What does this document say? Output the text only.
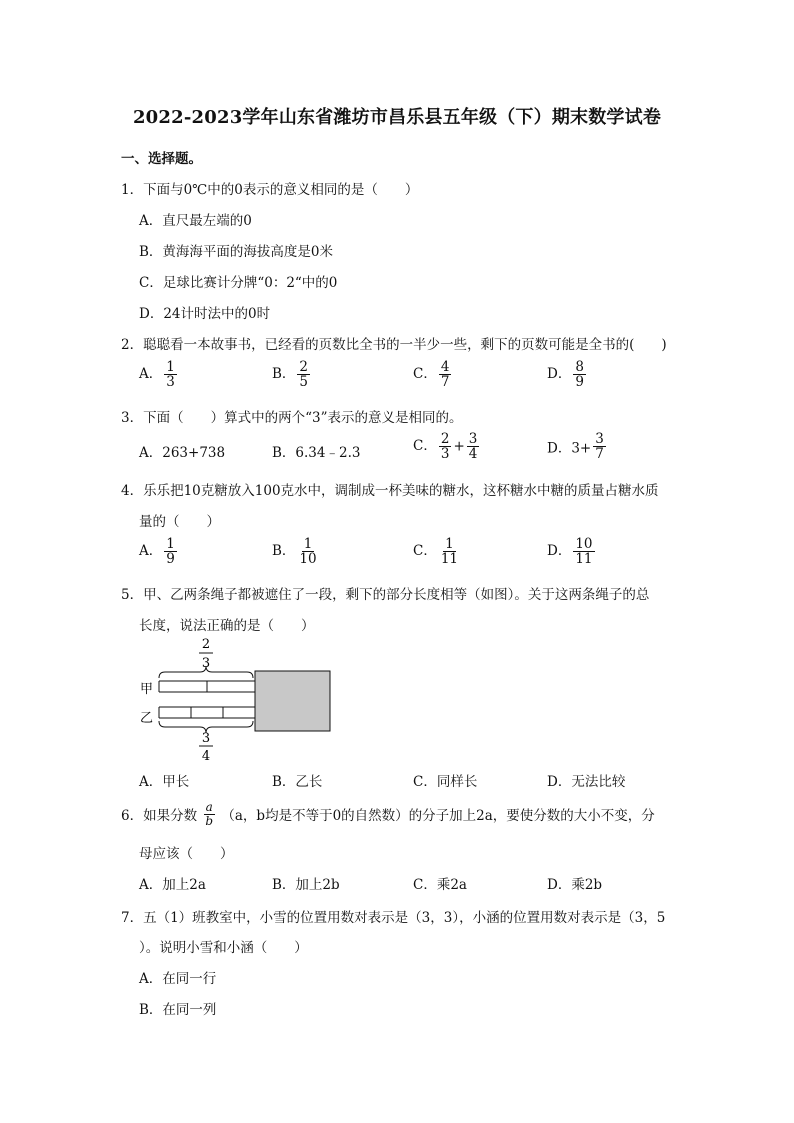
2022-2023学年山东省潍坊市昌乐县五年级（下）期末数学试卷
一、选择题。
1．下面与0℃中的0表示的意义相同的是（　　）
A．直尺最左端的0
B．黄海海平面的海拔高度是0米
C．足球比赛计分牌“0：2“中的0
D．24计时法中的0时
2．聪聪看一本故事书，已经看的页数比全书的一半少一些，剩下的页数可能是全书的(　　)
A． $\frac{1}{3}$	B． $\frac{2}{5}$	C． $\frac{4}{7}$	D． $\frac{8}{9}$
3．下面（　　）算式中的两个“3”表示的意义是相同的。
A．263+738	B．6.34﹣2.3	C． $\frac{2}{3} + \frac{3}{4}$	D．$3+ \frac{3}{7}$
4．乐乐把10克糖放入100克水中，调制成一杯美味的糖水，这杯糖水中糖的质量占糖水质
量的（　　）
A． $\frac{1}{9}$	B． $\frac{1}{10}$	C． $\frac{1}{11}$	D． $\frac{10}{11}$
5．甲、乙两条绳子都被遮住了一段，剩下的部分长度相等（如图）。关于这两条绳子的总
长度，说法正确的是（　　）
2
3
甲
乙
3
4
A．甲长	B．乙长	C．同样长	D．无法比较
6．如果分数 $\frac{a}{b} (a$，b均是不等于0的自然数）的分子加上2a，要使分数的大小不变，分
母应该（　　）
A．加上2a	B．加上2b	C．乘2a	D．乘2b
7．五（1）班教室中，小雪的位置用数对表示是（3，3），小涵的位置用数对表示是（3，5
）。说明小雪和小涵（　　）
A．在同一行
B．在同一列
